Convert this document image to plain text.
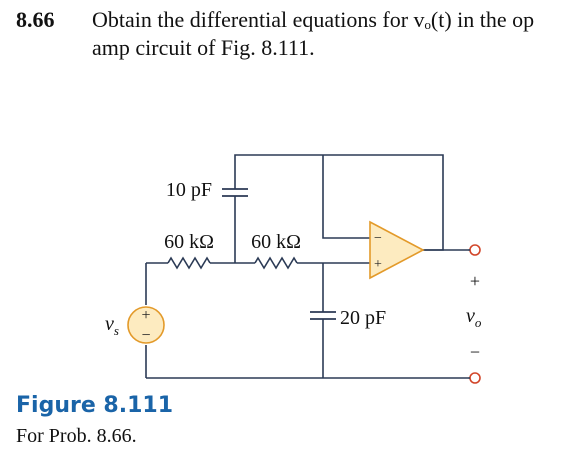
8.66 Obtain the differential equations for vₒ(t) in the op amp circuit of Fig. 8.111.
+
−
−
+
10 pF
60 kΩ 60 kΩ
20 pF
$v_s$
+
$v_o$
−
Figure 8.111
For Prob. 8.66.
